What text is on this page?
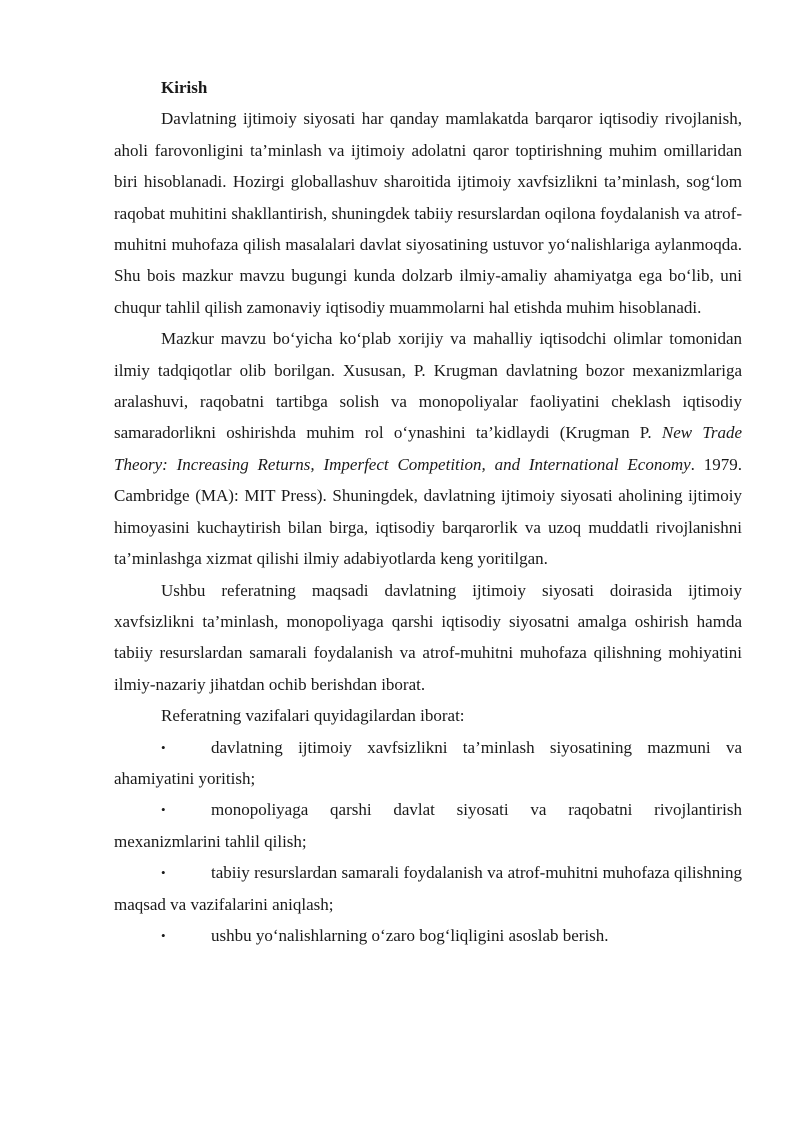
Kirish

Davlatning ijtimoiy siyosati har qanday mamlakatda barqaror iqtisodiy rivojlanish, aholi farovonligini ta’minlash va ijtimoiy adolatni qaror toptirishning muhim omillaridan biri hisoblanadi. Hozirgi globallashuv sharoitida ijtimoiy xavfsizlikni ta’minlash, sog‘lom raqobat muhitini shakllantirish, shuningdek tabiiy resurslardan oqilona foydalanish va atrof-muhitni muhofaza qilish masalalari davlat siyosatining ustuvor yo‘nalishlariga aylanmoqda. Shu bois mazkur mavzu bugungi kunda dolzarb ilmiy-amaliy ahamiyatga ega bo‘lib, uni chuqur tahlil qilish zamonaviy iqtisodiy muammolarni hal etishda muhim hisoblanadi.

Mazkur mavzu bo‘yicha ko‘plab xorijiy va mahalliy iqtisodchi olimlar tomonidan ilmiy tadqiqotlar olib borilgan. Xususan, P. Krugman davlatning bozor mexanizmlariga aralashuvi, raqobatni tartibga solish va monopoliyalar faoliyatini cheklash iqtisodiy samaradorlikni oshirishda muhim rol o‘ynashini ta’kidlaydi (Krugman P. New Trade Theory: Increasing Returns, Imperfect Competition, and International Economy. 1979. Cambridge (MA): MIT Press). Shuningdek, davlatning ijtimoiy siyosati aholining ijtimoiy himoyasini kuchaytirish bilan birga, iqtisodiy barqarorlik va uzoq muddatli rivojlanishni ta’minlashga xizmat qilishi ilmiy adabiyotlarda keng yoritilgan.

Ushbu referatning maqsadi davlatning ijtimoiy siyosati doirasida ijtimoiy xavfsizlikni ta’minlash, monopoliyaga qarshi iqtisodiy siyosatni amalga oshirish hamda tabiiy resurslardan samarali foydalanish va atrof-muhitni muhofaza qilishning mohiyatini ilmiy-nazariy jihatdan ochib berishdan iborat.

Referatning vazifalari quyidagilardan iborat:

•	davlatning ijtimoiy xavfsizlikni ta’minlash siyosatining mazmuni va ahamiyatini yoritish;

•	monopoliyaga qarshi davlat siyosati va raqobatni rivojlantirish mexanizmlarini tahlil qilish;

•	tabiiy resurslardan samarali foydalanish va atrof-muhitni muhofaza qilishning maqsad va vazifalarini aniqlash;

•	ushbu yo‘nalishlarning o‘zaro bog‘liqligini asoslab berish.
